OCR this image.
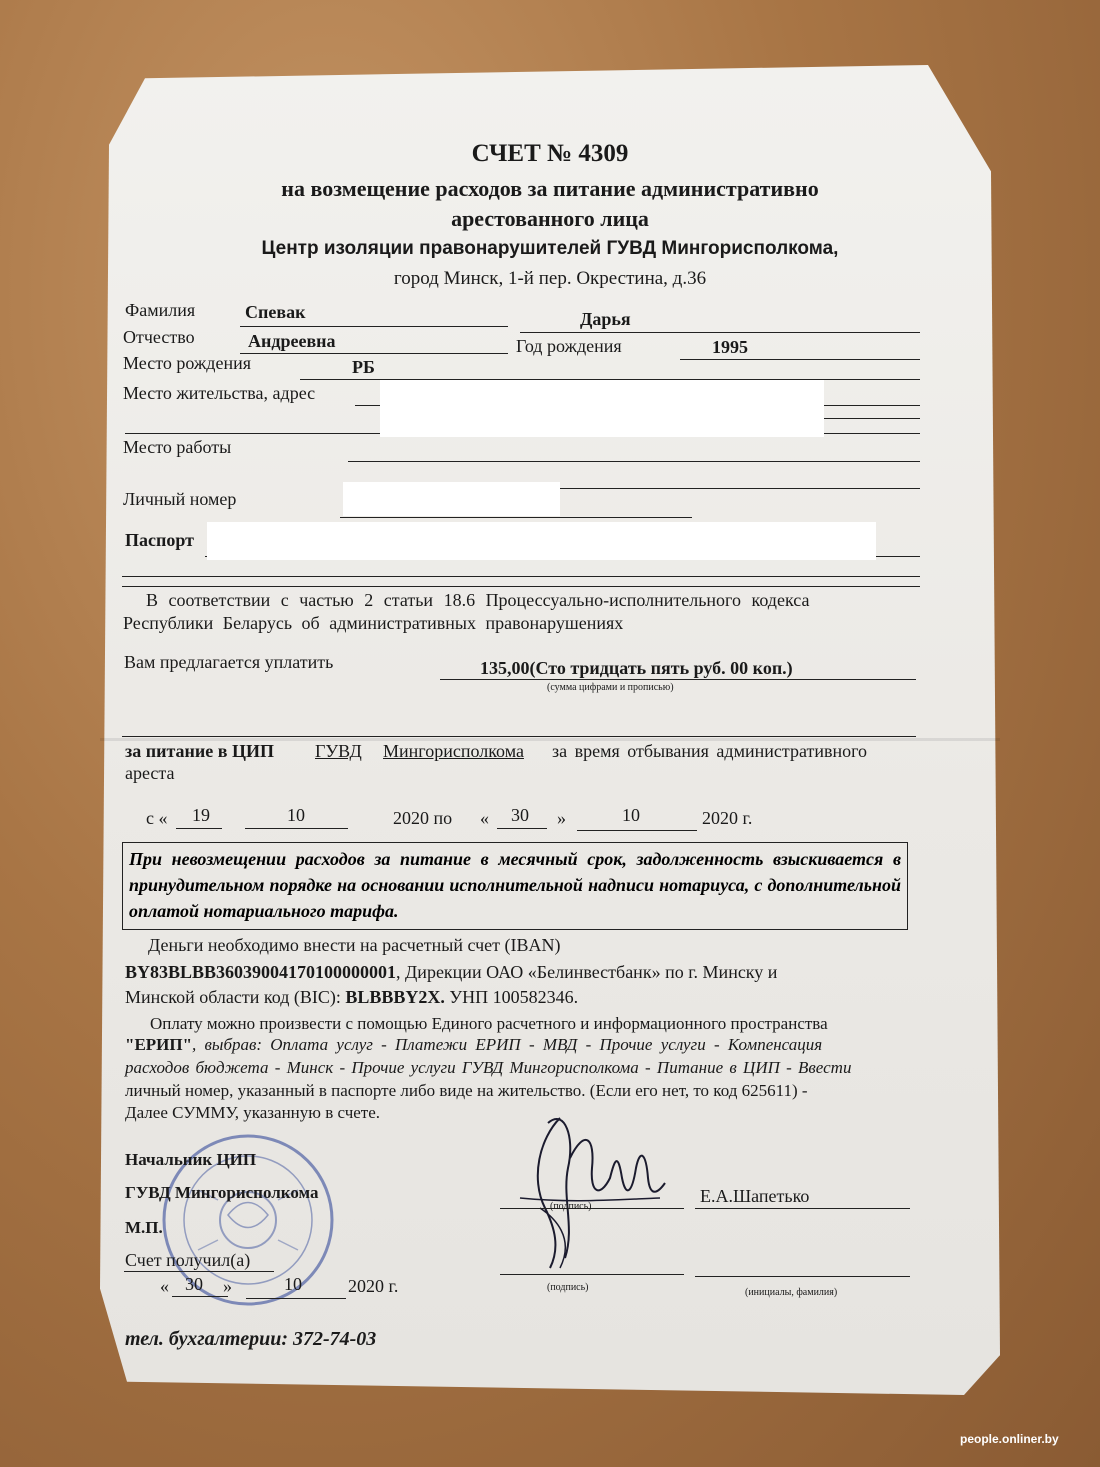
СЧЕТ № 4309
на возмещение расходов за питание административно
арестованного лица
Центр изоляции правонарушителей ГУВД Мингорисполкома,
город Минск, 1-й пер. Окрестина, д.36
Фамилия	Спевак	Дарья
Отчество	Андреевна	Год рождения	1995
Место рождения	РБ
Место жительства, адрес
Место работы
Личный номер
Паспорт
В соответствии с частью 2 статьи 18.6 Процессуально-исполнительного кодекса
Республики Беларусь об административных правонарушениях
Вам предлагается уплатить	135,00(Сто тридцать пять руб. 00 коп.)
(сумма цифрами и прописью)
за питание в ЦИП ГУВД Мингорисполкома за время отбывания административного
ареста
с « 19	10	2020 по « 30 »	10	2020 г.
При невозмещении расходов за питание в месячный срок, задолженность взыскивается в принудительном порядке на основании исполнительной надписи нотариуса, с дополнительной оплатой нотариального тарифа.
Деньги необходимо внести на расчетный счет (IBAN)
BY83BLBB36039004170100000001, Дирекции ОАО «Белинвестбанк» по г. Минску и
Минской области код (BIC): BLBBBY2X. УНП 100582346.
Оплату можно произвести с помощью Единого расчетного и информационного пространства
"ЕРИП", выбрав: Оплата услуг - Платежи ЕРИП - МВД - Прочие услуги - Компенсация
расходов бюджета - Минск - Прочие услуги ГУВД Мингорисполкома - Питание в ЦИП - Ввести
личный номер, указанный в паспорте либо виде на жительство. (Если его нет, то код 625611) -
Далее СУММУ, указанную в счете.
Начальник ЦИП
ГУВД Мингорисполкома
М.П.
Счет получил(а)
« 30 »	10	2020 г.
(подпись)
Е.А.Шапетько
(подпись)	(инициалы, фамилия)
тел. бухгалтерии: 372-74-03
people.onliner.by
